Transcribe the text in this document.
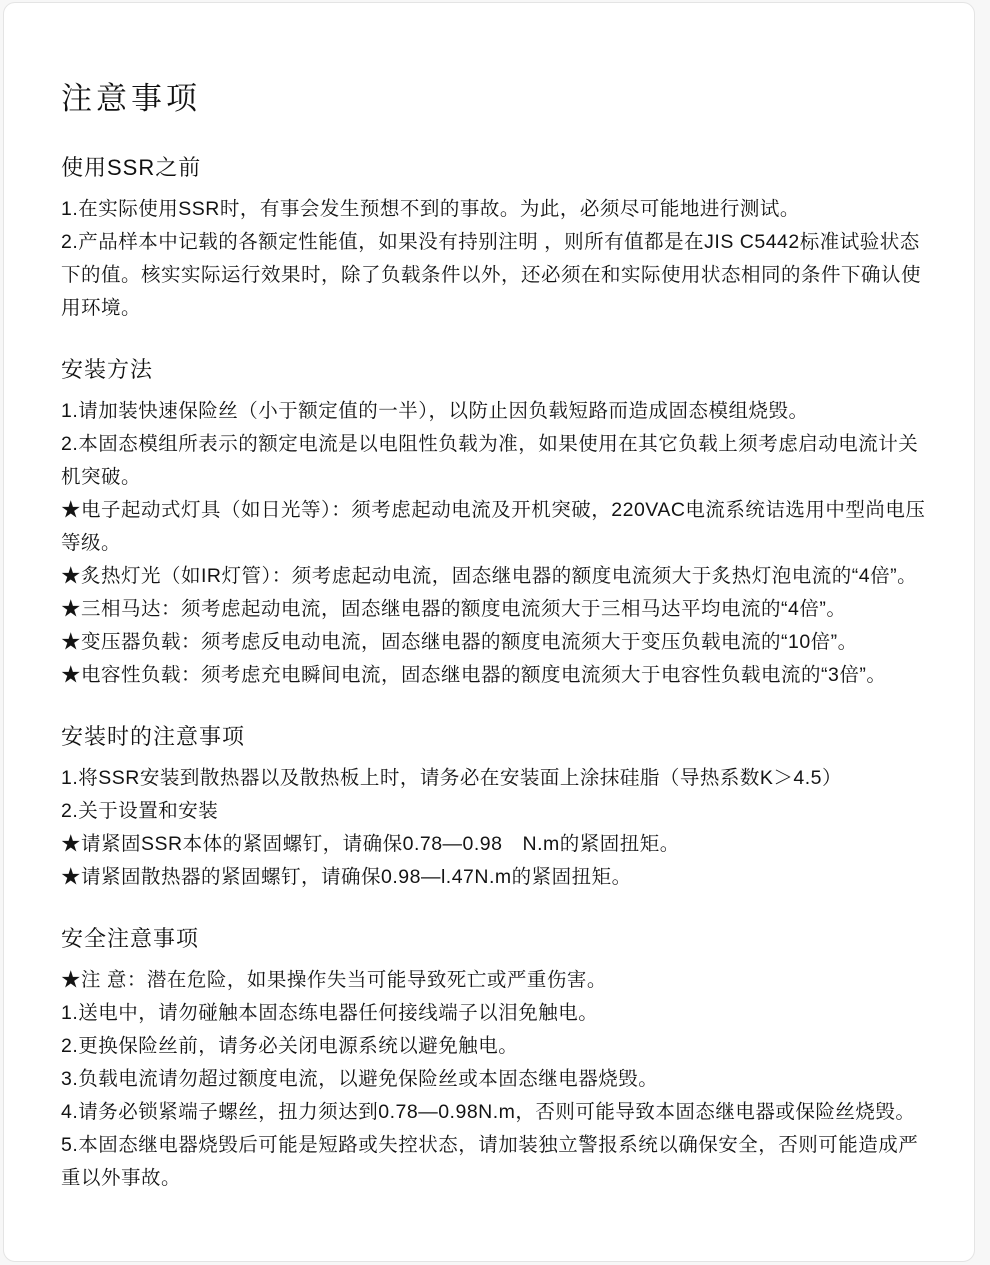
注意事项
使用SSR之前

1.在实际使用SSR时，有事会发生预想不到的事故。为此，必须尽可能地进行测试。

2.产品样本中记载的各额定性能值，如果没有持别注明 ，则所有值都是在JIS C5442标准试验状态下的值。核实实际运行效果时，除了负载条件以外，还必须在和实际使用状态相同的条件下确认使用环境。

安装方法

1.请加装快速保险丝（小于额定值的一半），以防止因负载短路而造成固态模组烧毁。

2.本固态模组所表示的额定电流是以电阻性负载为准，如果使用在其它负载上须考虑启动电流计关机突破。

★电子起动式灯具（如日光等）：须考虑起动电流及开机突破，220VAC电流系统诘选用中型尚电压等级。

★炙热灯光（如IR灯管）：须考虑起动电流，固态继电器的额度电流须大于炙热灯泡电流的“4倍”。

★三相马达：须考虑起动电流，固态继电器的额度电流须大于三相马达平均电流的“4倍”。

★变压器负载：须考虑反电动电流，固态继电器的额度电流须大于变压负载电流的“10倍”。

★电容性负载：须考虑充电瞬间电流，固态继电器的额度电流须大于电容性负载电流的“3倍”。

安装时的注意事项

1.将SSR安装到散热器以及散热板上时，请务必在安装面上涂抹硅脂（导热系数K＞4.5）

2.关于设置和安装

★请紧固SSR本体的紧固螺钉，请确保0.78—0.98　N.m的紧固扭矩。

★请紧固散热器的紧固螺钉，请确保0.98—l.47N.m的紧固扭矩。

安全注意事项

★注 意：潜在危险，如果操作失当可能导致死亡或严重伤害。

1.送电中，请勿碰触本固态练电器任何接线端子以泪免触电。

2.更换保险丝前，请务必关闭电源系统以避免触电。

3.负载电流请勿超过额度电流，以避免保险丝或本固态继电器烧毁。

4.请务必锁紧端子螺丝，扭力须达到0.78—0.98N.m，否则可能导致本固态继电器或保险丝烧毁。

5.本固态继电器烧毁后可能是短路或失控状态，请加装独立警报系统以确保安全，否则可能造成严重以外事故。
